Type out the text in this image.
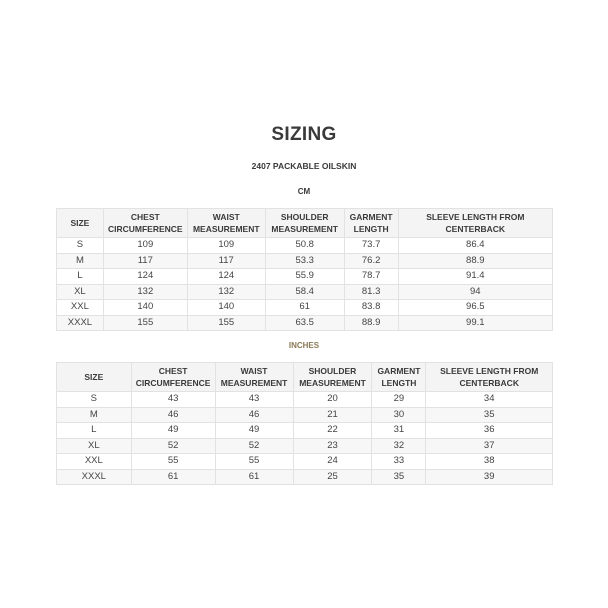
SIZING
2407 PACKABLE OILSKIN
CM
SIZE	CHEST CIRCUMFERENCE	WAIST MEASUREMENT	SHOULDER MEASUREMENT	GARMENT LENGTH	SLEEVE LENGTH FROM CENTERBACK
S	109	109	50.8	73.7	86.4
M	117	117	53.3	76.2	88.9
L	124	124	55.9	78.7	91.4
XL	132	132	58.4	81.3	94
XXL	140	140	61	83.8	96.5
XXXL	155	155	63.5	88.9	99.1
INCHES
SIZE	CHEST CIRCUMFERENCE	WAIST MEASUREMENT	SHOULDER MEASUREMENT	GARMENT LENGTH	SLEEVE LENGTH FROM CENTERBACK
S	43	43	20	29	34
M	46	46	21	30	35
L	49	49	22	31	36
XL	52	52	23	32	37
XXL	55	55	24	33	38
XXXL	61	61	25	35	39
